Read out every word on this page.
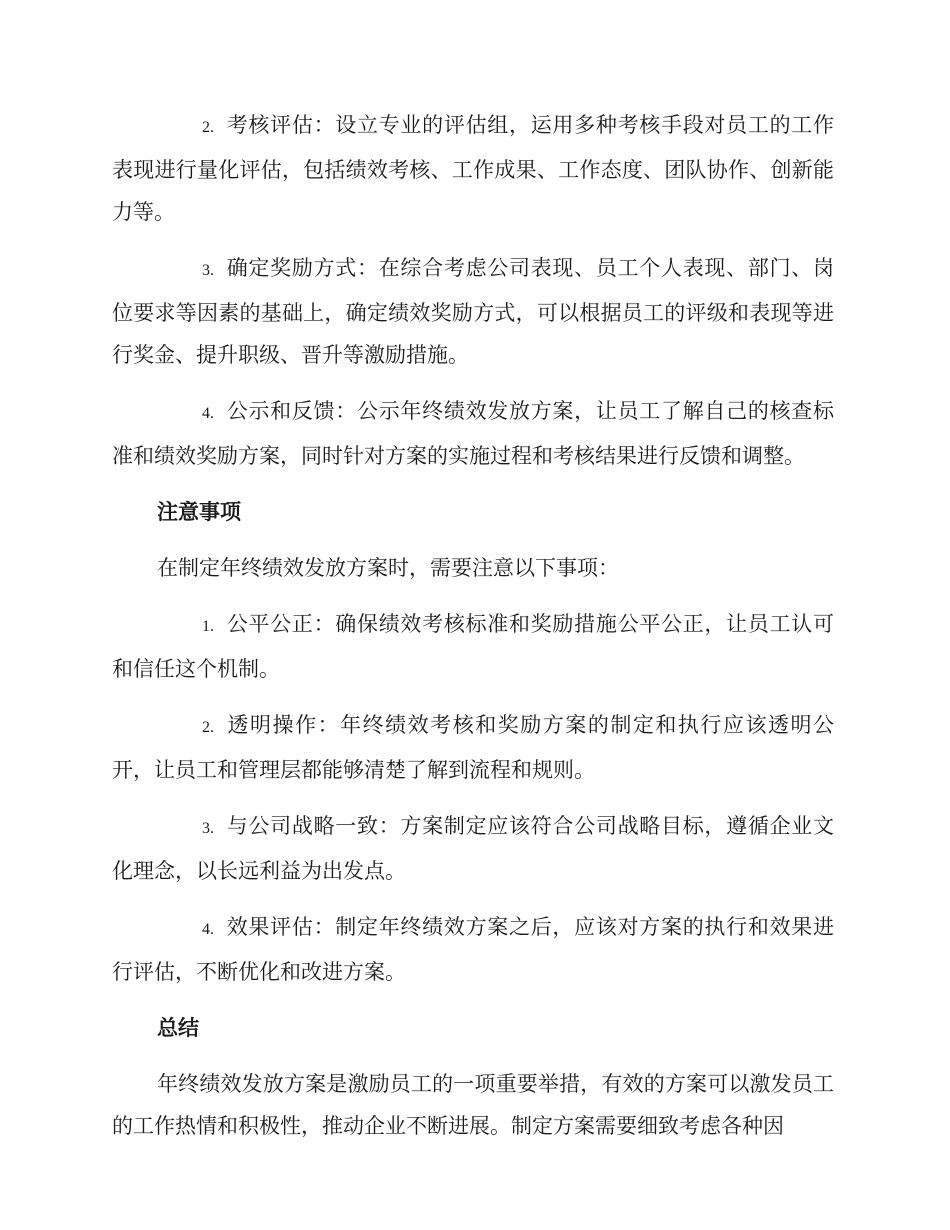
2. 考核评估：设立专业的评估组，运用多种考核手段对员工的工作表现进行量化评估，包括绩效考核、工作成果、工作态度、团队协作、创新能力等。

3. 确定奖励方式：在综合考虑公司表现、员工个人表现、部门、岗位要求等因素的基础上，确定绩效奖励方式，可以根据员工的评级和表现等进行奖金、提升职级、晋升等激励措施。

4. 公示和反馈：公示年终绩效发放方案，让员工了解自己的核查标准和绩效奖励方案，同时针对方案的实施过程和考核结果进行反馈和调整。

注意事项

在制定年终绩效发放方案时，需要注意以下事项：

1. 公平公正：确保绩效考核标准和奖励措施公平公正，让员工认可和信任这个机制。

2. 透明操作：年终绩效考核和奖励方案的制定和执行应该透明公开，让员工和管理层都能够清楚了解到流程和规则。

3. 与公司战略一致：方案制定应该符合公司战略目标，遵循企业文化理念，以长远利益为出发点。

4. 效果评估：制定年终绩效方案之后，应该对方案的执行和效果进行评估，不断优化和改进方案。

总结

年终绩效发放方案是激励员工的一项重要举措，有效的方案可以激发员工的工作热情和积极性，推动企业不断进展。制定方案需要细致考虑各种因
